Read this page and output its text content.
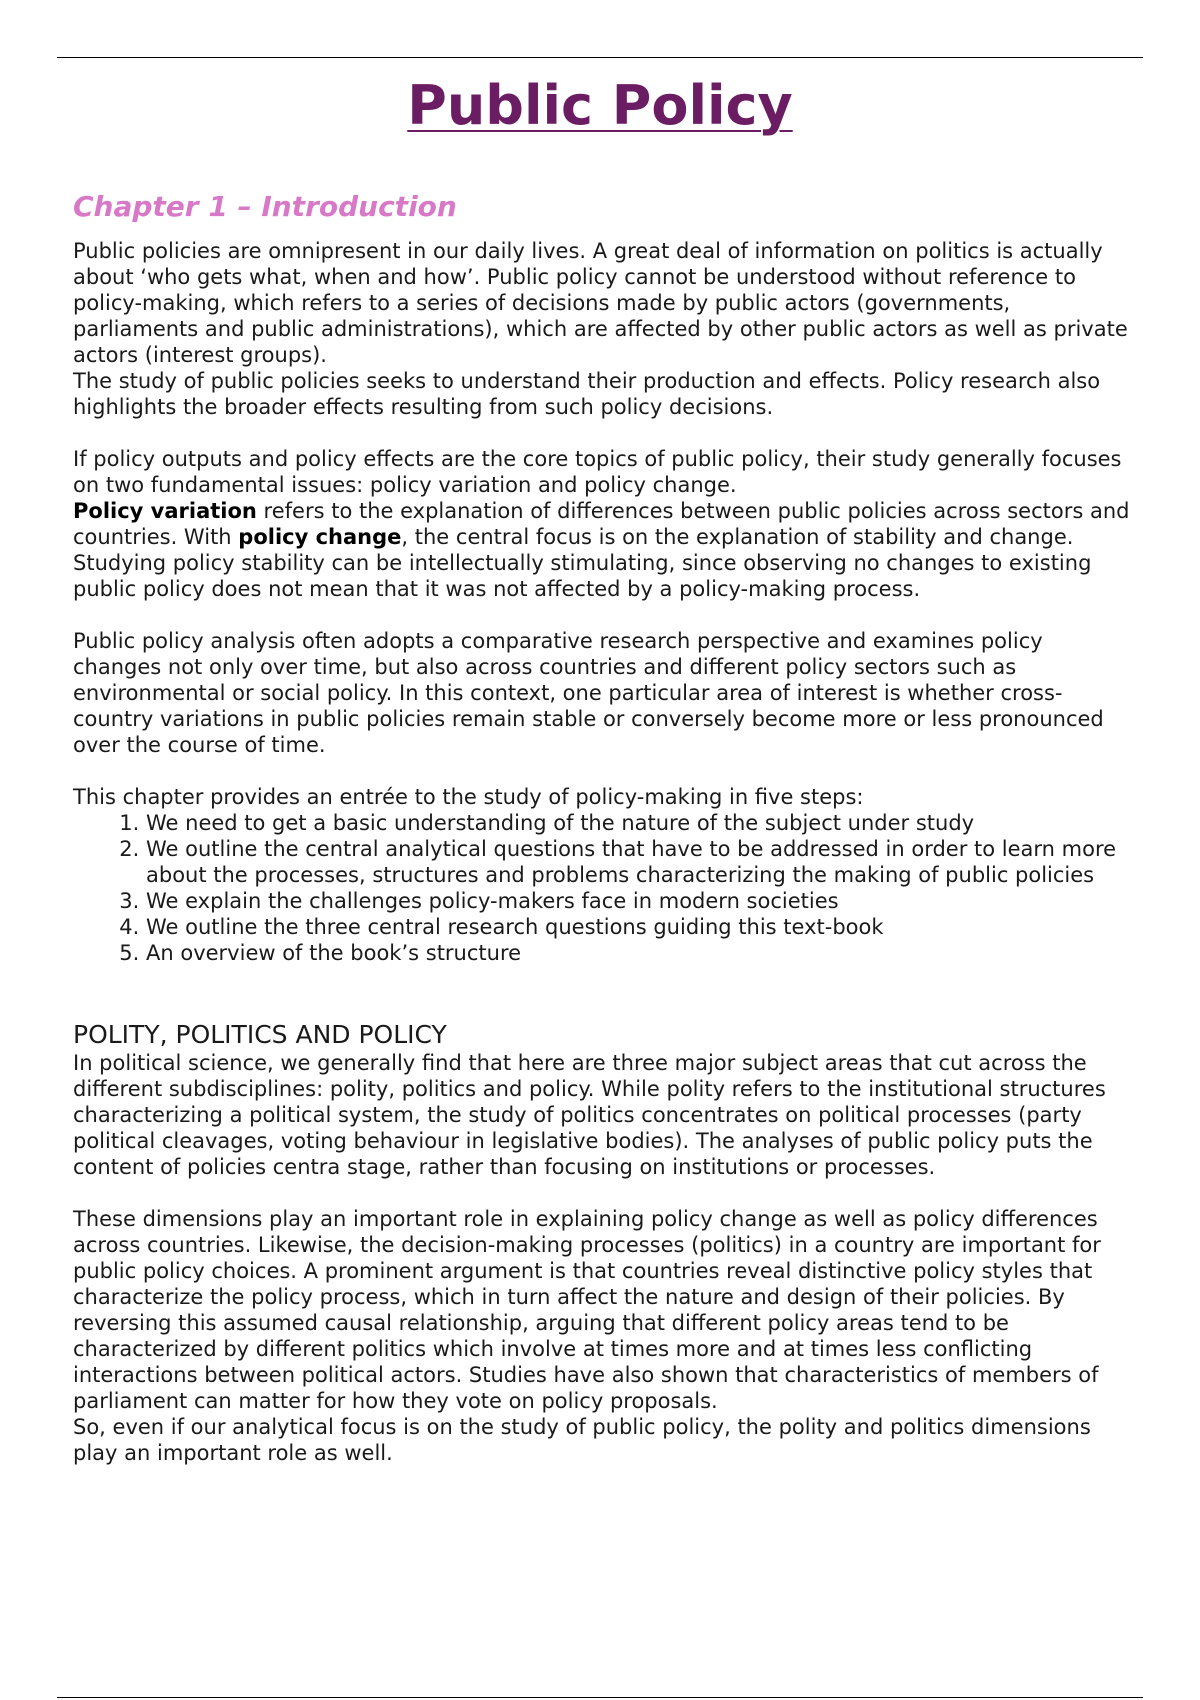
Public Policy
Chapter 1 – Introduction

Public policies are omnipresent in our daily lives. A great deal of information on politics is actually about ‘who gets what, when and how’. Public policy cannot be understood without reference to policy-making, which refers to a series of decisions made by public actors (governments, parliaments and public administrations), which are affected by other public actors as well as private actors (interest groups).

The study of public policies seeks to understand their production and effects. Policy research also highlights the broader effects resulting from such policy decisions.

If policy outputs and policy effects are the core topics of public policy, their study generally focuses on two fundamental issues: policy variation and policy change.

Policy variation refers to the explanation of differences between public policies across sectors and countries. With policy change, the central focus is on the explanation of stability and change. Studying policy stability can be intellectually stimulating, since observing no changes to existing public policy does not mean that it was not affected by a policy-making process.

Public policy analysis often adopts a comparative research perspective and examines policy changes not only over time, but also across countries and different policy sectors such as environmental or social policy. In this context, one particular area of interest is whether cross-country variations in public policies remain stable or conversely become more or less pronounced over the course of time.

This chapter provides an entrée to the study of policy-making in five steps:

1. We need to get a basic understanding of the nature of the subject under study
2. We outline the central analytical questions that have to be addressed in order to learn more about the processes, structures and problems characterizing the making of public policies
3. We explain the challenges policy-makers face in modern societies
4. We outline the three central research questions guiding this text-book
5. An overview of the book’s structure
POLITY, POLITICS AND POLICY

In political science, we generally find that here are three major subject areas that cut across the different subdisciplines: polity, politics and policy. While polity refers to the institutional structures characterizing a political system, the study of politics concentrates on political processes (party political cleavages, voting behaviour in legislative bodies). The analyses of public policy puts the content of policies centra stage, rather than focusing on institutions or processes.

These dimensions play an important role in explaining policy change as well as policy differences across countries. Likewise, the decision-making processes (politics) in a country are important for public policy choices. A prominent argument is that countries reveal distinctive policy styles that characterize the policy process, which in turn affect the nature and design of their policies. By reversing this assumed causal relationship, arguing that different policy areas tend to be characterized by different politics which involve at times more and at times less conflicting interactions between political actors. Studies have also shown that characteristics of members of parliament can matter for how they vote on policy proposals.

So, even if our analytical focus is on the study of public policy, the polity and politics dimensions play an important role as well.
